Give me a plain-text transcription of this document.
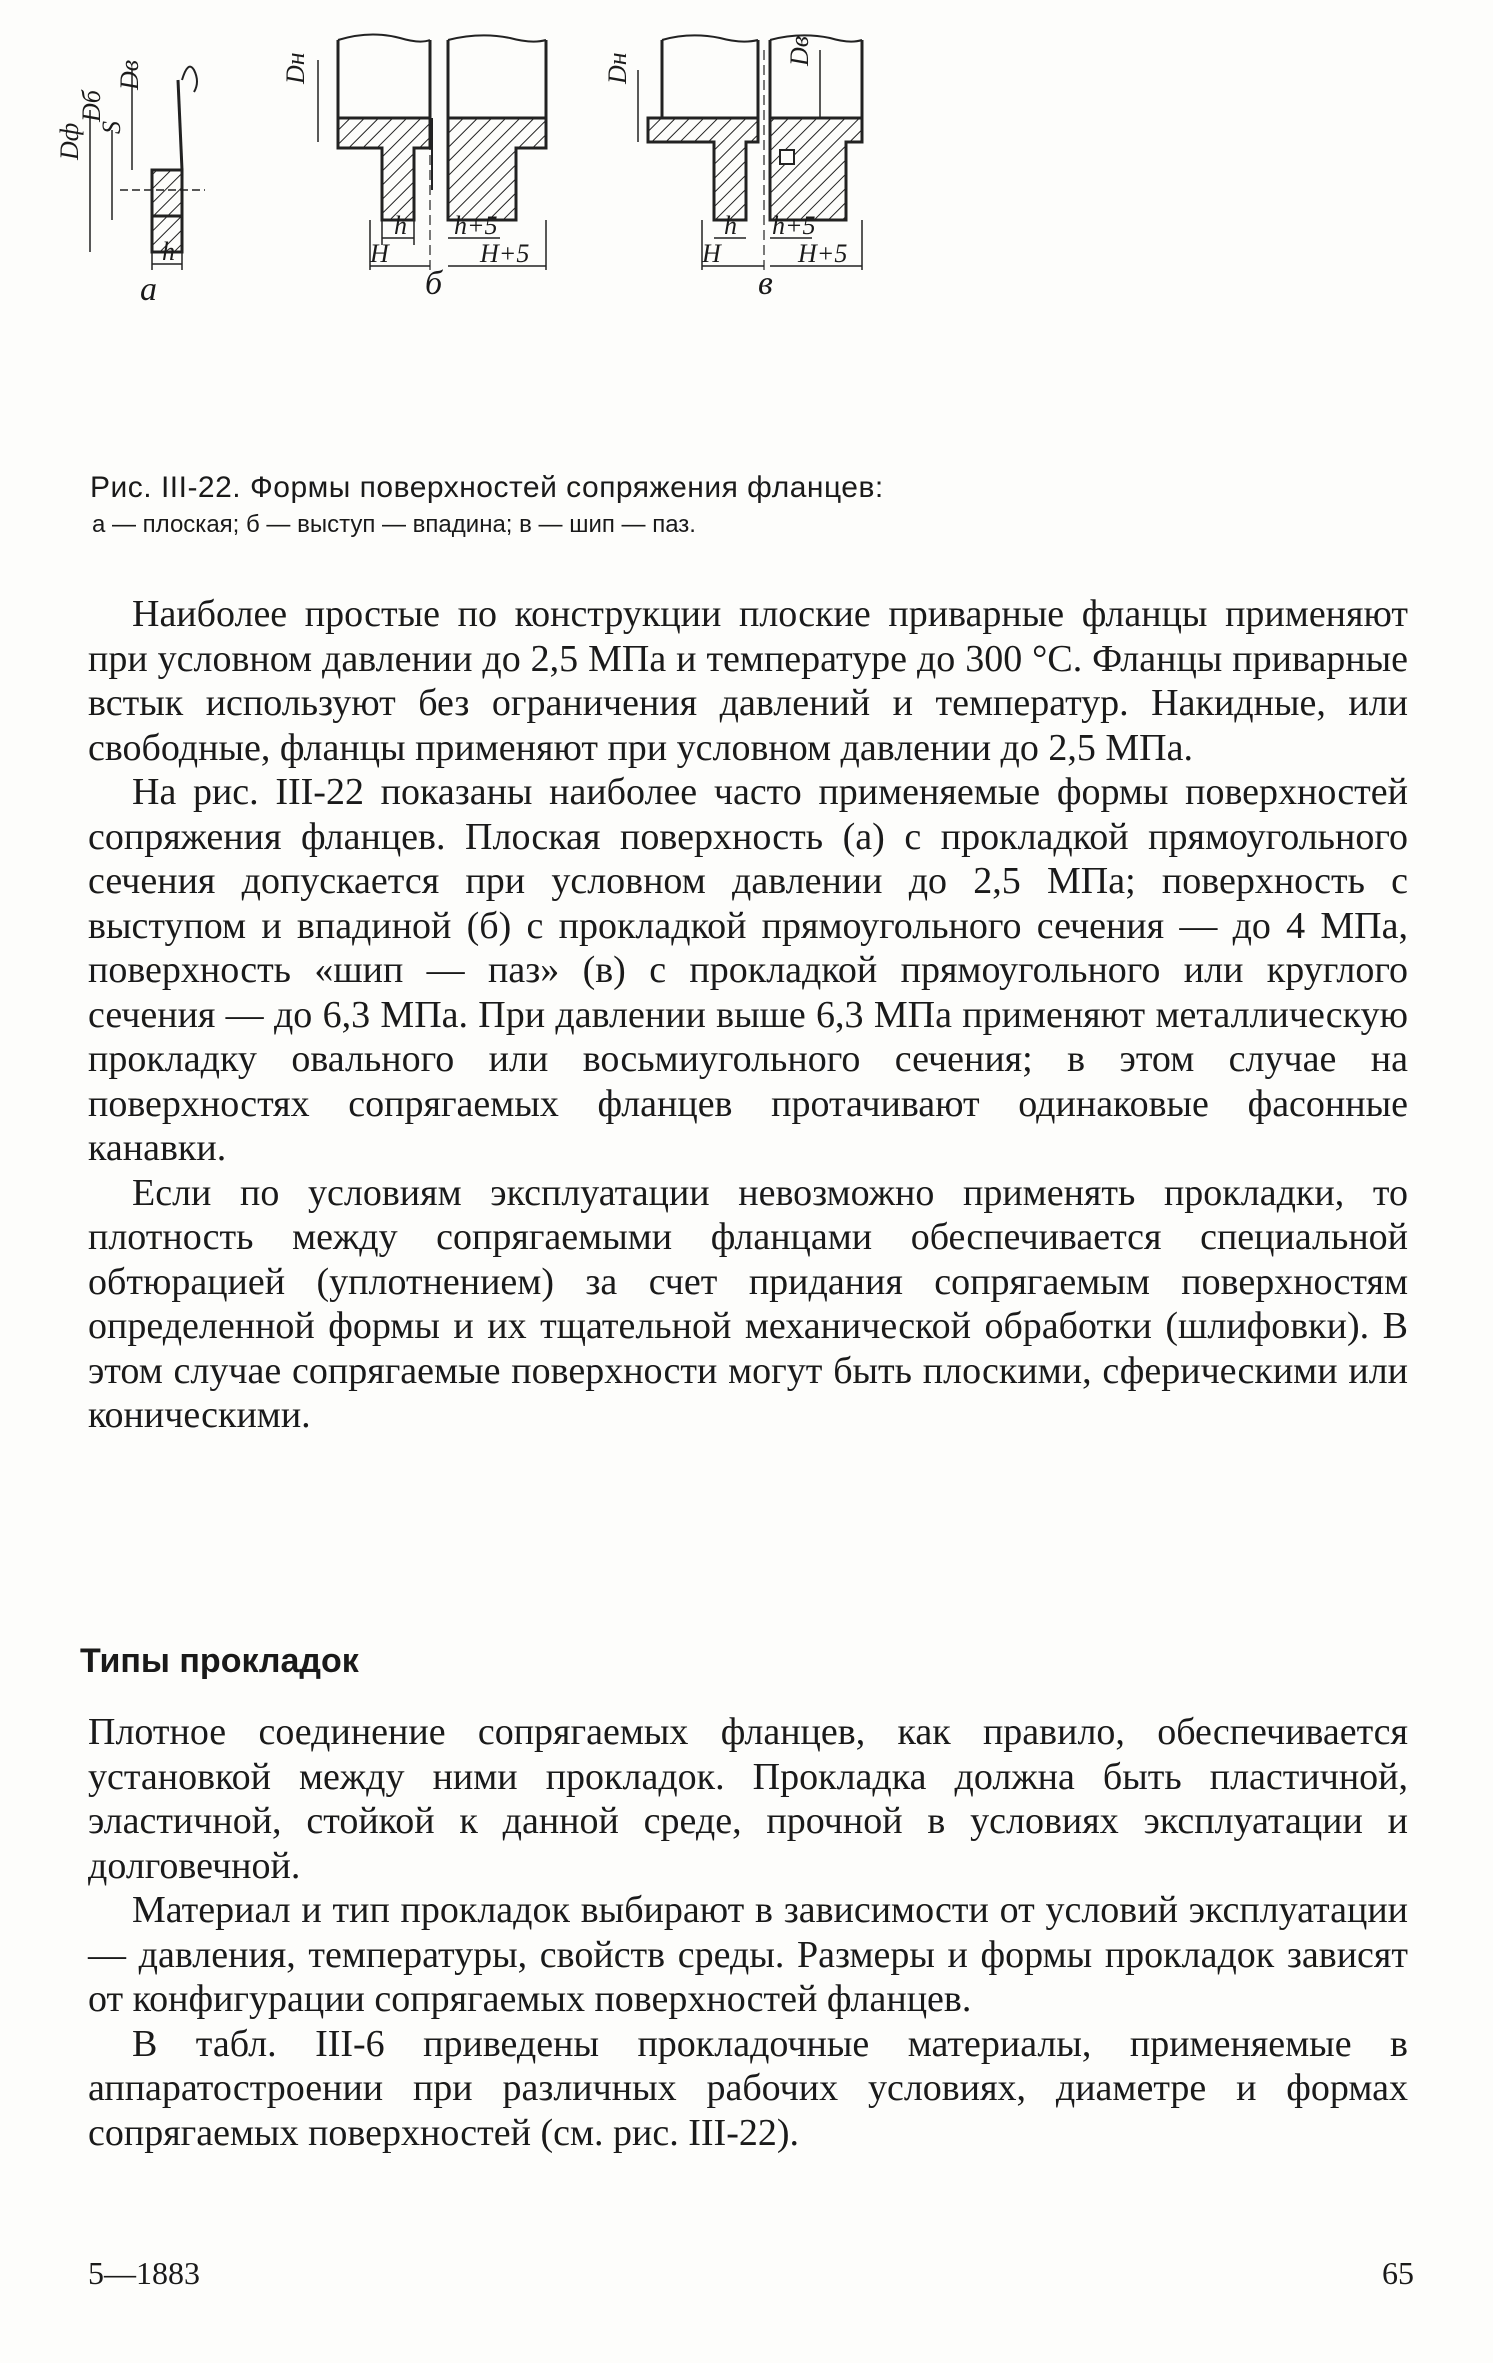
Dф
Dб
S
Dв
h
а
Dн
h
H
h+5
H+5
б
Dн
Dв
h
H
h+5
H+5
в
Рис. III-22. Формы поверхностей сопряжения фланцев:
а — плоская; б — выступ — впадина; в — шип — паз.

Наиболее простые по конструкции плоские приварные фланцы применяют при условном давлении до 2,5 МПа и температуре до 300 °С. Фланцы приварные встык используют без ограничения давлений и температур. Накидные, или свободные, фланцы применяют при условном давлении до 2,5 МПа.

На рис. III-22 показаны наиболее часто применяемые формы поверхностей сопряжения фланцев. Плоская поверхность (а) с прокладкой прямоугольного сечения допускается при условном давлении до 2,5 МПа; поверхность с выступом и впадиной (б) с прокладкой прямоугольного сечения — до 4 МПа, поверхность «шип — паз» (в) с прокладкой прямоугольного или круглого сечения — до 6,3 МПа. При давлении выше 6,3 МПа применяют металлическую прокладку овального или восьмиугольного сечения; в этом случае на поверхностях сопрягаемых фланцев протачивают одинаковые фасонные канавки.

Если по условиям эксплуатации невозможно применять прокладки, то плотность между сопрягаемыми фланцами обеспечивается специальной обтюрацией (уплотнением) за счет придания сопрягаемым поверхностям определенной формы и их тщательной механической обработки (шлифовки). В этом случае сопрягаемые поверхности могут быть плоскими, сферическими или коническими.

Типы прокладок

Плотное соединение сопрягаемых фланцев, как правило, обеспечивается установкой между ними прокладок. Прокладка должна быть пластичной, эластичной, стойкой к данной среде, прочной в условиях эксплуатации и долговечной.

Материал и тип прокладок выбирают в зависимости от условий эксплуатации — давления, температуры, свойств среды. Размеры и формы прокладок зависят от конфигурации сопрягаемых поверхностей фланцев.

В табл. III-6 приведены прокладочные материалы, применяемые в аппаратостроении при различных рабочих условиях, диаметре и формах сопрягаемых поверхностей (см. рис. III-22).

5—1883	65
